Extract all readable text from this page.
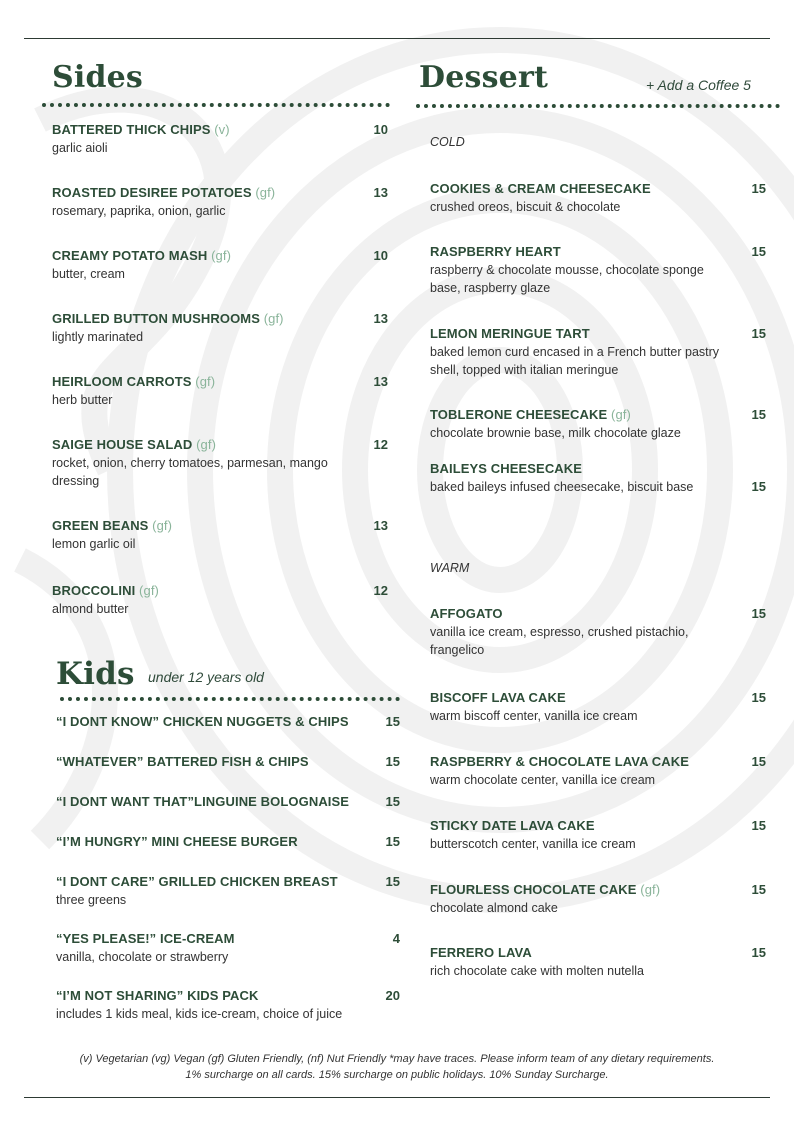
Sides
BATTERED THICK CHIPS (v)
garlic aioli
10
ROASTED DESIREE POTATOES (gf)
rosemary, paprika, onion, garlic
13
CREAMY POTATO MASH (gf)
butter, cream
10
GRILLED BUTTON MUSHROOMS (gf)
lightly marinated
13
HEIRLOOM CARROTS (gf)
herb butter
13
SAIGE HOUSE SALAD (gf)
rocket, onion, cherry tomatoes, parmesan, mango dressing
12
GREEN BEANS (gf)
lemon garlic oil
13
BROCCOLINI (gf)
almond butter
12
Kids under 12 years old
“I DONT KNOW” CHICKEN NUGGETS & CHIPS	15
“WHATEVER” BATTERED FISH & CHIPS	15
“I DONT WANT THAT”LINGUINE BOLOGNAISE	15
“I’M HUNGRY” MINI CHEESE BURGER	15
“I DONT CARE” GRILLED CHICKEN BREAST
three greens
15
“YES PLEASE!” ICE-CREAM
vanilla, chocolate or strawberry
4
“I’M NOT SHARING” KIDS PACK
includes 1 kids meal, kids ice-cream, choice of juice
20
Dessert	+ Add a Coffee 5
COLD
WARM
COOKIES & CREAM CHEESECAKE
crushed oreos, biscuit & chocolate
15
RASPBERRY HEART
raspberry & chocolate mousse, chocolate sponge base, raspberry glaze
15
LEMON MERINGUE TART
baked lemon curd encased in a French butter pastry shell, topped with italian meringue
15
TOBLERONE CHEESECAKE (gf)
chocolate brownie base, milk chocolate glaze
15
BAILEYS CHEESECAKE
baked baileys infused cheesecake, biscuit base	15
AFFOGATO
vanilla ice cream, espresso, crushed pistachio, frangelico
15
BISCOFF LAVA CAKE
warm biscoff center, vanilla ice cream
15
RASPBERRY & CHOCOLATE LAVA CAKE
warm chocolate center, vanilla ice cream
15
STICKY DATE LAVA CAKE
butterscotch center, vanilla ice cream
15
FLOURLESS CHOCOLATE CAKE (gf)
chocolate almond cake
15
FERRERO LAVA
rich chocolate cake with molten nutella
15
(v) Vegetarian (vg) Vegan (gf) Gluten Friendly, (nf) Nut Friendly *may have traces. Please inform team of any dietary requirements.
1% surcharge on all cards. 15% surcharge on public holidays. 10% Sunday Surcharge.
